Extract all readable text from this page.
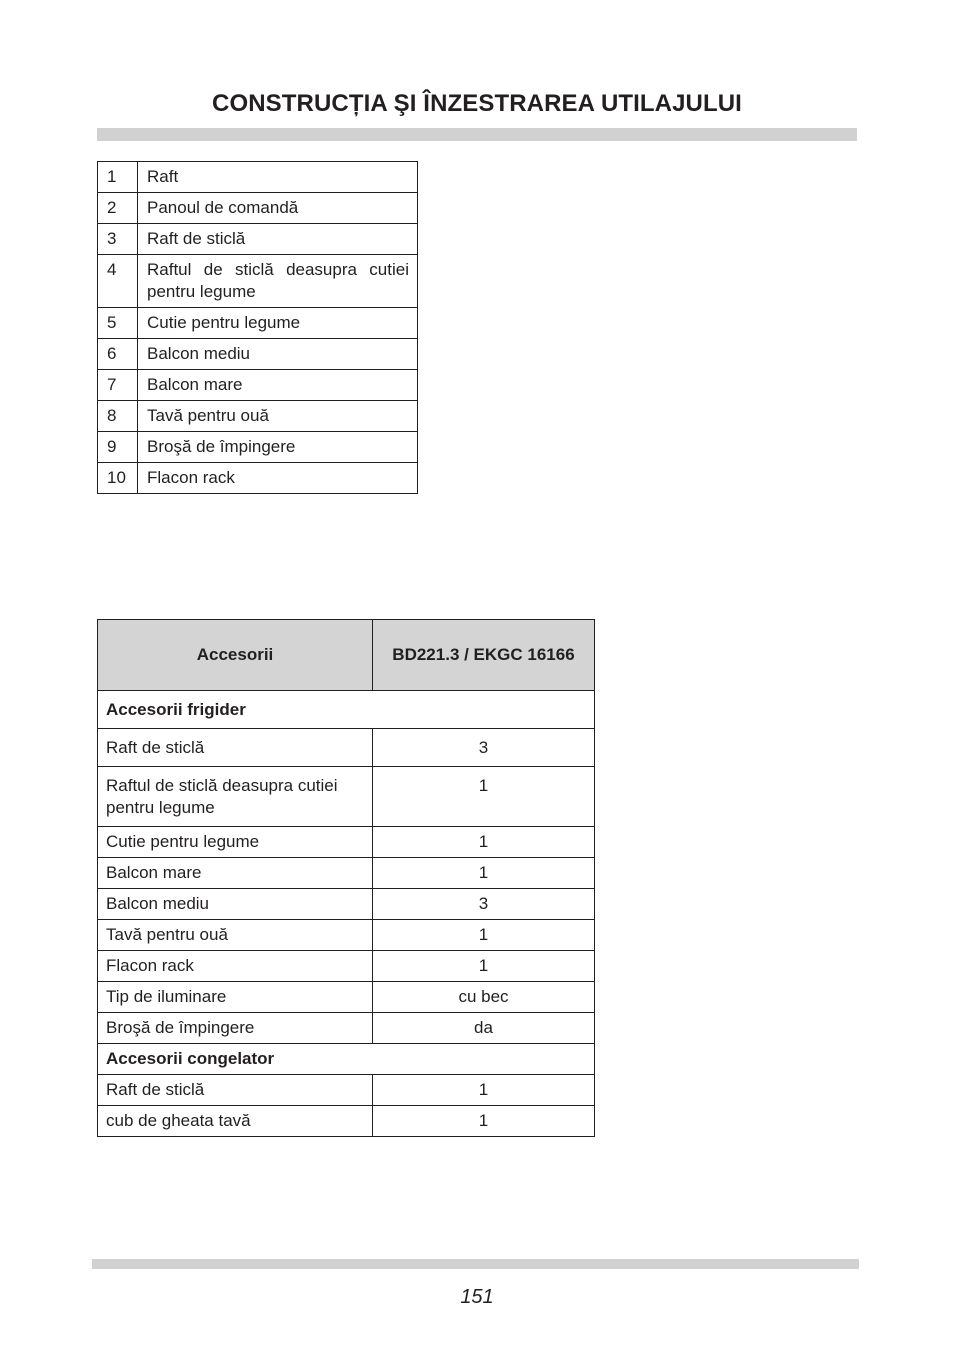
CONSTRUCȚIA ŞI ÎNZESTRAREA UTILAJULUI
1	Raft
2	Panoul de comandă
3	Raft de sticlă
4	Raftul de sticlă deasupra cutiei pentru legume
5	Cutie pentru legume
6	Balcon mediu
7	Balcon mare
8	Tavă pentru ouă
9	Broşă de împingere
10	Flacon rack
Accesorii	BD221.3 / EKGC 16166
Accesorii frigider	
Raft de sticlă	3
Raftul de sticlă deasupra cutiei pentru legume	1
Cutie pentru legume	1
Balcon mare	1
Balcon mediu	3
Tavă pentru ouă	1
Flacon rack	1
Tip de iluminare	cu bec
Broşă de împingere	da
Accesorii congelator	
Raft de sticlă	1
cub de gheata tavă	1
151
